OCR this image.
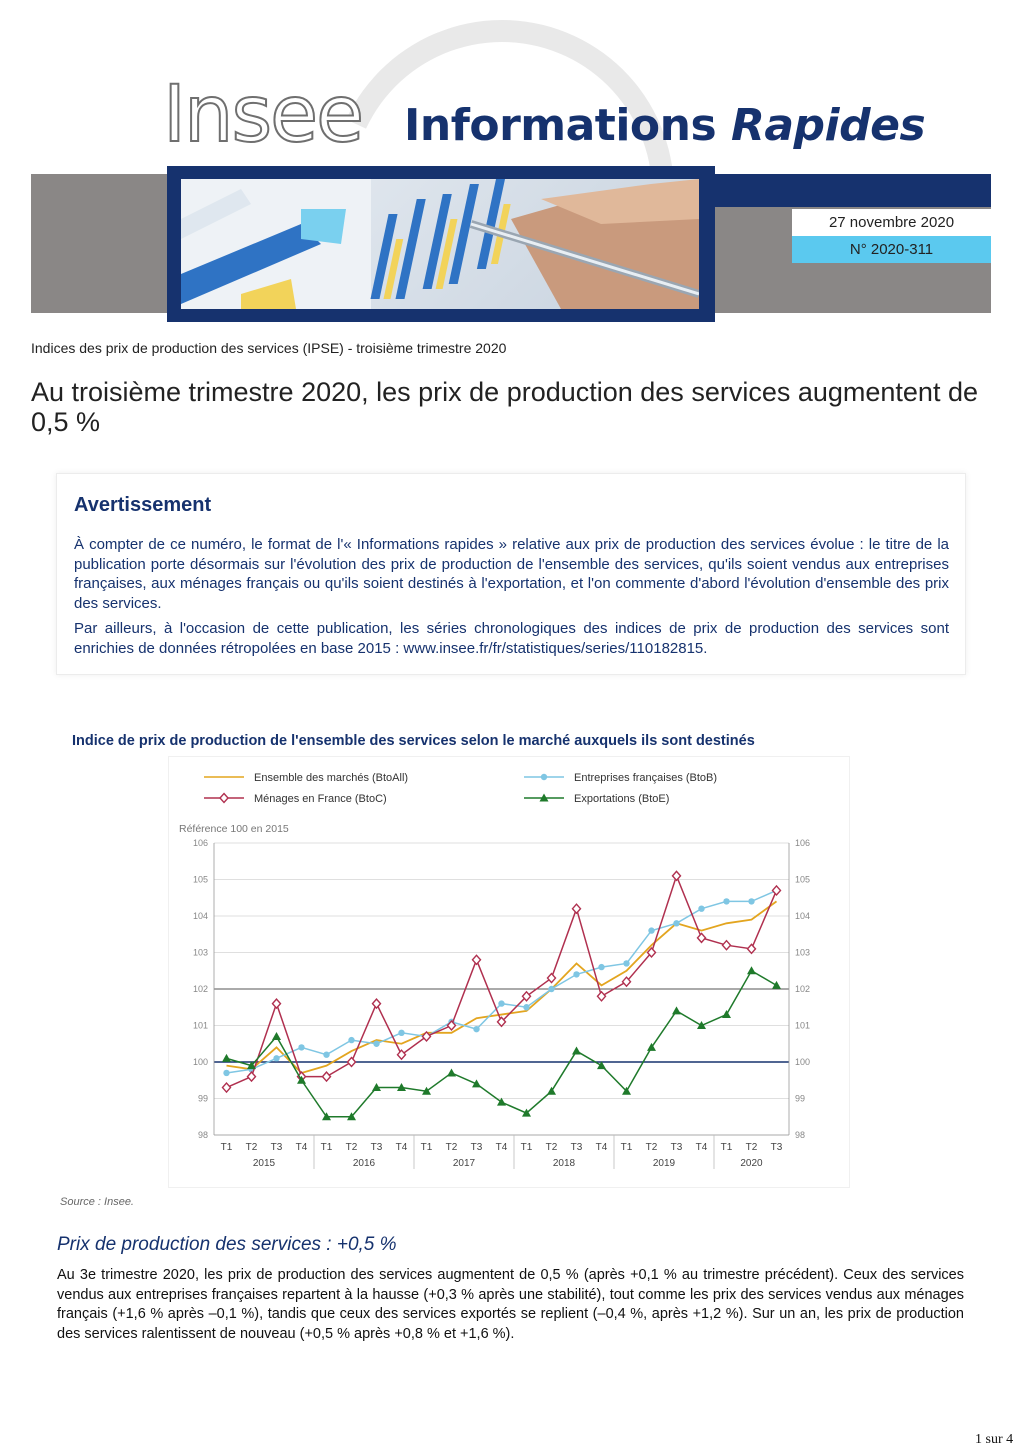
Insee Informations Rapides
27 novembre 2020
N° 2020-311
Indices des prix de production des services (IPSE) - troisième trimestre 2020
Au troisième trimestre 2020, les prix de production des services augmentent de 0,5 %
Avertissement

À compter de ce numéro, le format de l'« Informations rapides » relative aux prix de production des services évolue : le titre de la publication porte désormais sur l'évolution des prix de production de l'ensemble des services, qu'ils soient vendus aux entreprises françaises, aux ménages français ou qu'ils soient destinés à l'exportation, et l'on commente d'abord l'évolution d'ensemble des prix des services.

Par ailleurs, à l'occasion de cette publication, les séries chronologiques des indices de prix de production des services sont enrichies de données rétropolées en base 2015 : www.insee.fr/fr/statistiques/series/110182815.

Indice de prix de production de l'ensemble des services selon le marché auxquels ils sont destinés
Ensemble des marchés (BtoAll)	Entreprises françaises (BtoB)
Ménages en France (BtoC)	Exportations (BtoE)
Référence 100 en 2015
98	98
99	99
100	100
101	101
102	102
103	103
104	104
105	105
106	106
T1 T2 T3 T4 T1 T2 T3 T4 T1 T2 T3 T4 T1 T2 T3 T4 T1 T2 T3 T4 T1 T2 T3
2015	2016	2017	2018	2019	2020
Source : Insee.
Prix de production des services : +0,5 %
Au 3e trimestre 2020, les prix de production des services augmentent de 0,5 % (après +0,1 % au trimestre précédent). Ceux des services vendus aux entreprises françaises repartent à la hausse (+0,3 % après une stabilité), tout comme les prix des services vendus aux ménages français (+1,6 % après –0,1 %), tandis que ceux des services exportés se replient (–0,4 %, après +1,2 %). Sur un an, les prix de production des services ralentissent de nouveau (+0,5 % après +0,8 % et +1,6 %).
1 sur 4
